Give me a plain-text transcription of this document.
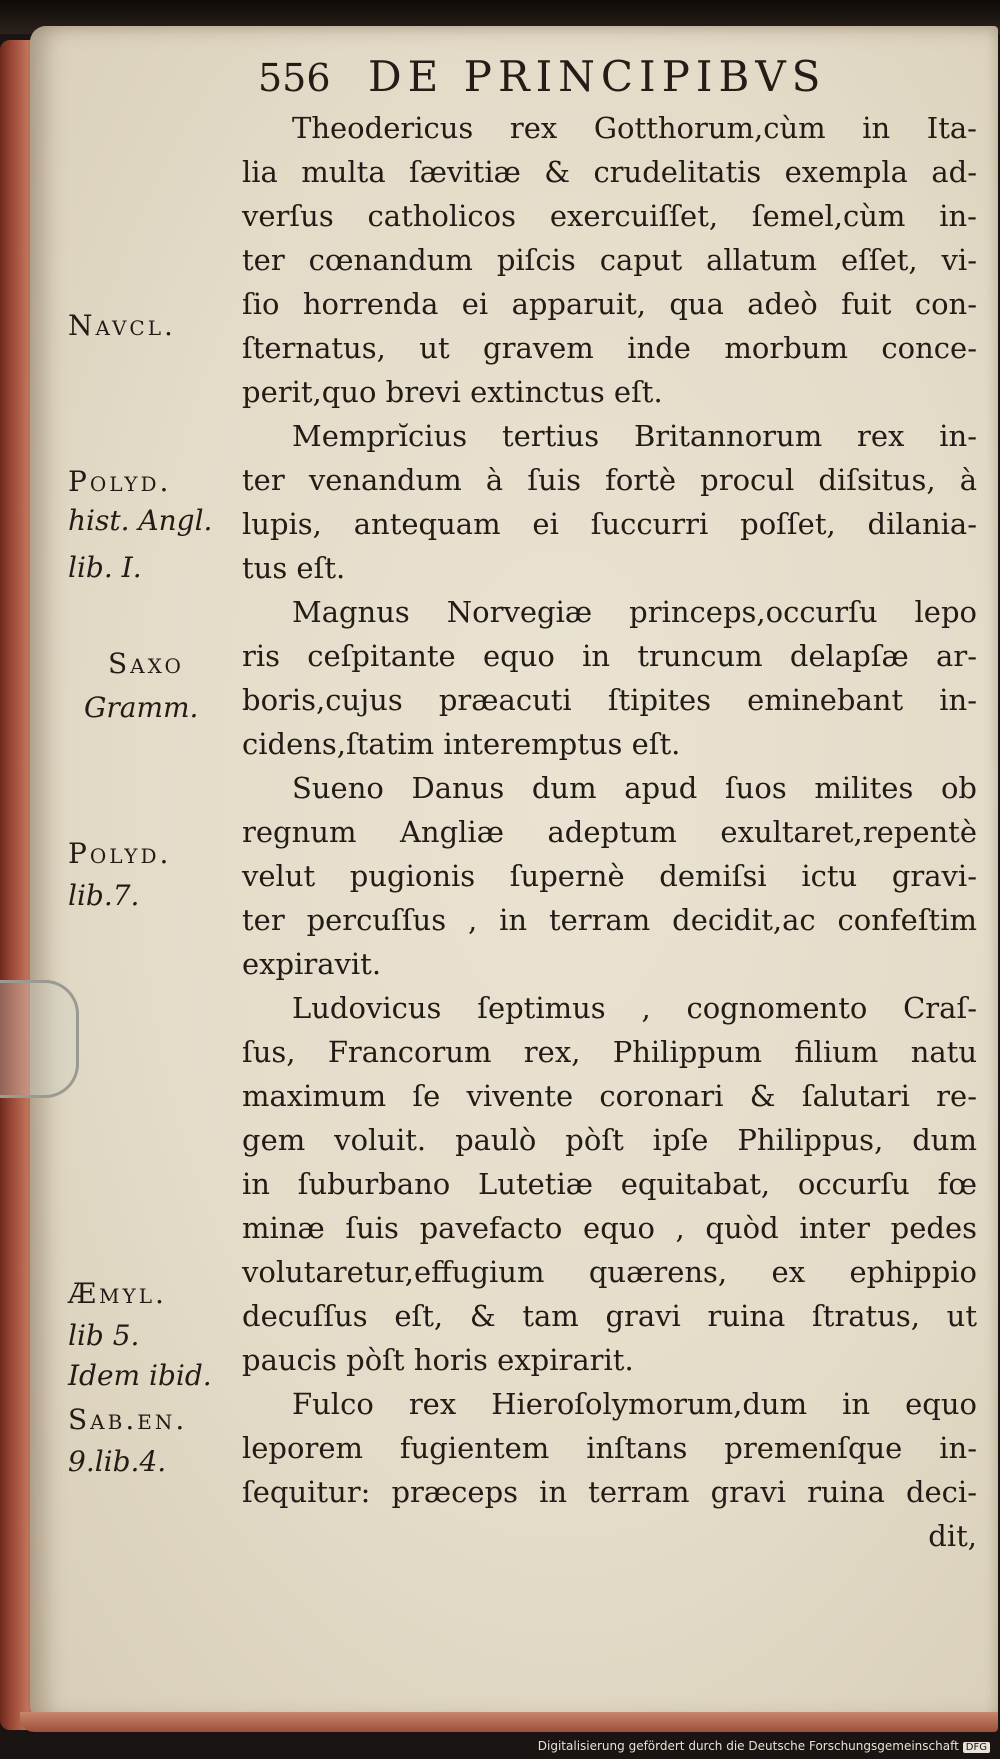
556 DE PRINCIPIBVS
Navcl.
Polyd.
hist. Angl.
lib. I.
Saxo
Gramm.
Polyd.
lib.7.
Æmyl.
lib 5.
Idem ibid.
Sab.en.
9.lib.4.
Theodericus rex Gotthorum,cùm in Ita-
lia multa ſævitiæ & crudelitatis exempla ad-
verſus catholicos exercuiſſet, ſemel,cùm in-
ter cœnandum piſcis caput allatum eſſet, vi-
ſio horrenda ei apparuit, qua adeò fuit con-
ſternatus, ut gravem inde morbum conce-
perit,quo brevi extinctus eſt.
Memprĭcius tertius Britannorum rex in-
ter venandum à ſuis fortè procul diſsitus, à
lupis, antequam ei ſuccurri poſſet, dilania-
tus eſt.
Magnus Norvegiæ princeps,occurſu lepo
ris ceſpitante equo in truncum delapſæ ar-
boris,cujus præacuti ſtipites eminebant in-
cidens,ſtatim interemptus eſt.
Sueno Danus dum apud ſuos milites ob
regnum Angliæ adeptum exultaret,repentè
velut pugionis ſupernè demiſsi ictu gravi-
ter percuſſus , in terram decidit,ac confeſtim
expiravit.
Ludovicus ſeptimus , cognomento Craſ-
ſus, Francorum rex, Philippum filium natu
maximum ſe vivente coronari & ſalutari re-
gem voluit. paulò pòſt ipſe Philippus, dum
in ſuburbano Lutetiæ equitabat, occurſu fœ
minæ ſuis pavefacto equo , quòd inter pedes
volutaretur,effugium quærens, ex ephippio
decuſſus eſt, & tam gravi ruina ſtratus, ut
paucis pòſt horis expirarit.
Fulco rex Hieroſolymorum,dum in equo
leporem fugientem inſtans premenſque in-
ſequitur: præceps in terram gravi ruina deci-
dit,
Digitalisierung gefördert durch die Deutsche Forschungsgemeinschaft DFG
